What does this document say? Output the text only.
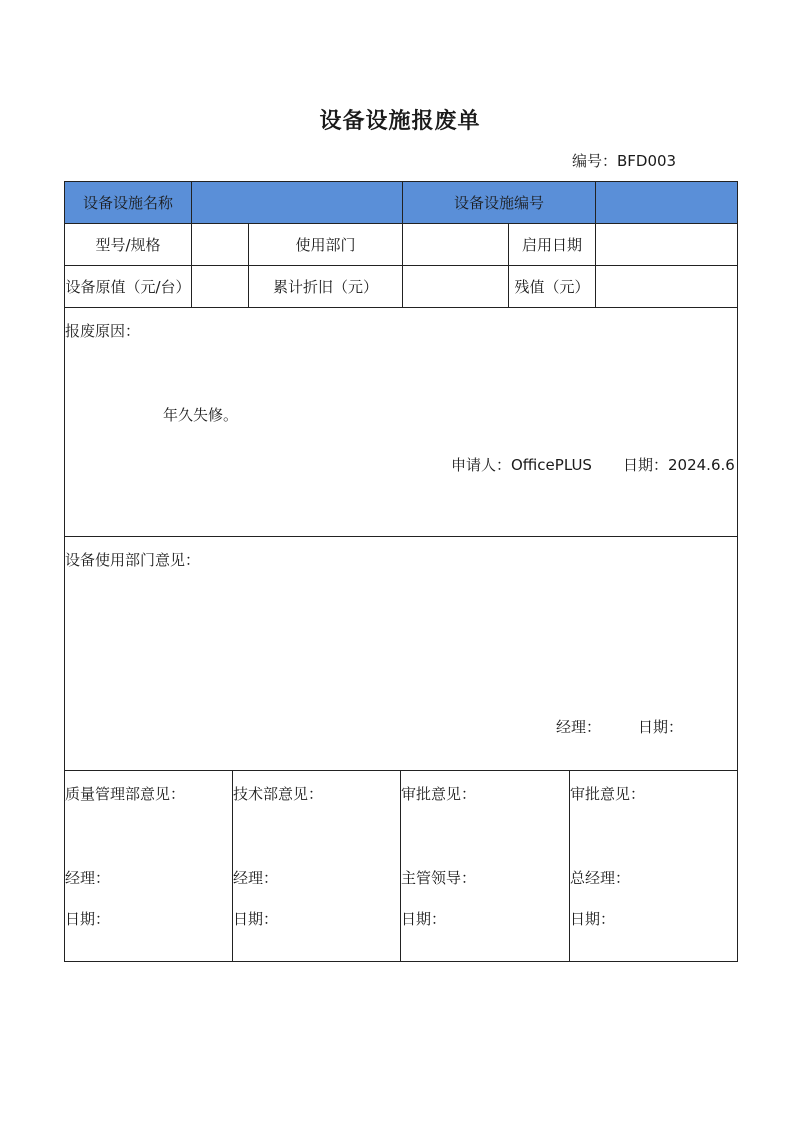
设备设施报废单
编号：BFD003
设备设施名称	设备设施编号
型号/规格	使用部门	启用日期
设备原值（元/台）	累计折旧（元）	残值（元）
报废原因：
年久失修。
申请人：OfficePLUS 日期：2024.6.6
设备使用部门意见：
经理： 日期：
质量管理部意见：
经理：
日期：
技术部意见：
经理：
日期：
审批意见：
主管领导：
日期：
审批意见：
总经理：
日期：
